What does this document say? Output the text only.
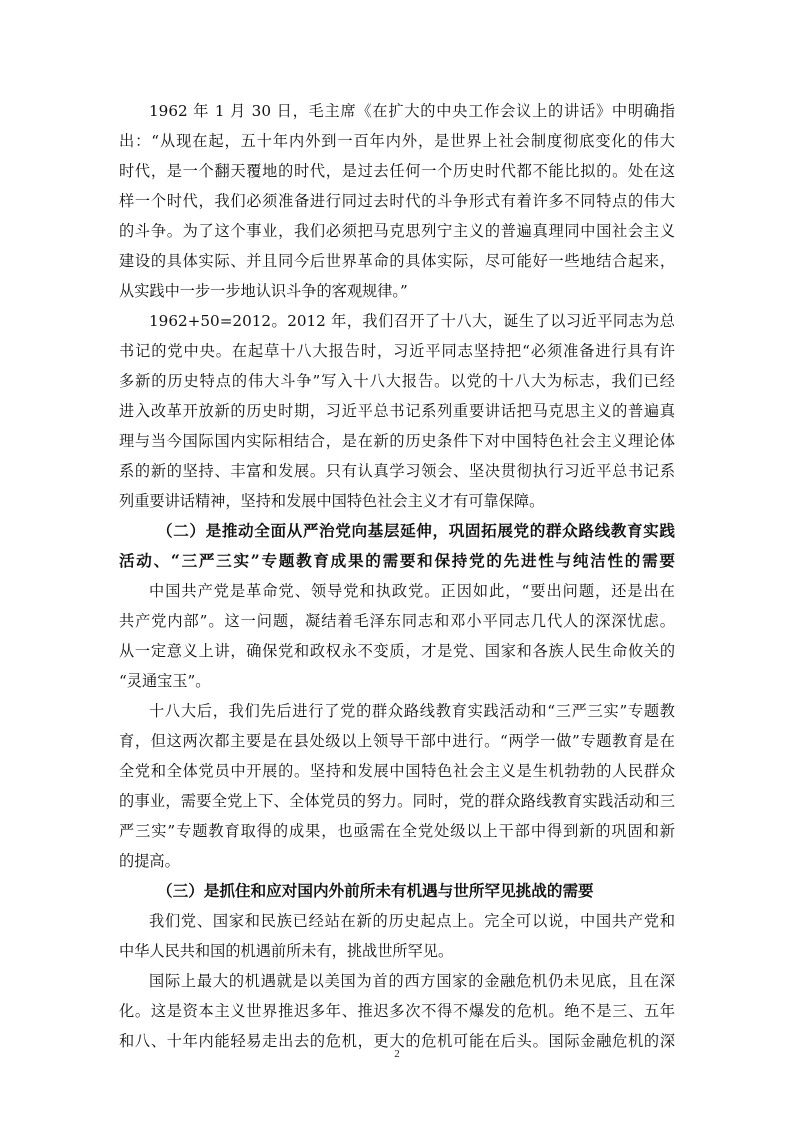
1962 年 1 月 30 日，毛主席《在扩大的中央工作会议上的讲话》中明确指
出：“从现在起，五十年内外到一百年内外，是世界上社会制度彻底变化的伟大
时代，是一个翻天覆地的时代，是过去任何一个历史时代都不能比拟的。处在这
样一个时代，我们必须准备进行同过去时代的斗争形式有着许多不同特点的伟大
的斗争。为了这个事业，我们必须把马克思列宁主义的普遍真理同中国社会主义
建设的具体实际、并且同今后世界革命的具体实际，尽可能好一些地结合起来，
从实践中一步一步地认识斗争的客观规律。”
1962+50=2012。2012 年，我们召开了十八大，诞生了以习近平同志为总
书记的党中央。在起草十八大报告时，习近平同志坚持把“必须准备进行具有许
多新的历史特点的伟大斗争”写入十八大报告。以党的十八大为标志，我们已经
进入改革开放新的历史时期，习近平总书记系列重要讲话把马克思主义的普遍真
理与当今国际国内实际相结合，是在新的历史条件下对中国特色社会主义理论体
系的新的坚持、丰富和发展。只有认真学习领会、坚决贯彻执行习近平总书记系
列重要讲话精神，坚持和发展中国特色社会主义才有可靠保障。
（二）是推动全面从严治党向基层延伸，巩固拓展党的群众路线教育实践
活动、“三严三实”专题教育成果的需要和保持党的先进性与纯洁性的需要
中国共产党是革命党、领导党和执政党。正因如此，“要出问题，还是出在
共产党内部”。这一问题，凝结着毛泽东同志和邓小平同志几代人的深深忧虑。
从一定意义上讲，确保党和政权永不变质，才是党、国家和各族人民生命攸关的
“灵通宝玉”。
十八大后，我们先后进行了党的群众路线教育实践活动和“三严三实”专题教
育，但这两次都主要是在县处级以上领导干部中进行。“两学一做”专题教育是在
全党和全体党员中开展的。坚持和发展中国特色社会主义是生机勃勃的人民群众
的事业，需要全党上下、全体党员的努力。同时，党的群众路线教育实践活动和三
严三实”专题教育取得的成果，也亟需在全党处级以上干部中得到新的巩固和新
的提高。
（三）是抓住和应对国内外前所未有机遇与世所罕见挑战的需要
我们党、国家和民族已经站在新的历史起点上。完全可以说，中国共产党和
中华人民共和国的机遇前所未有，挑战世所罕见。
国际上最大的机遇就是以美国为首的西方国家的金融危机仍未见底，且在深
化。这是资本主义世界推迟多年、推迟多次不得不爆发的危机。绝不是三、五年
和八、十年内能轻易走出去的危机，更大的危机可能在后头。国际金融危机的深
2
